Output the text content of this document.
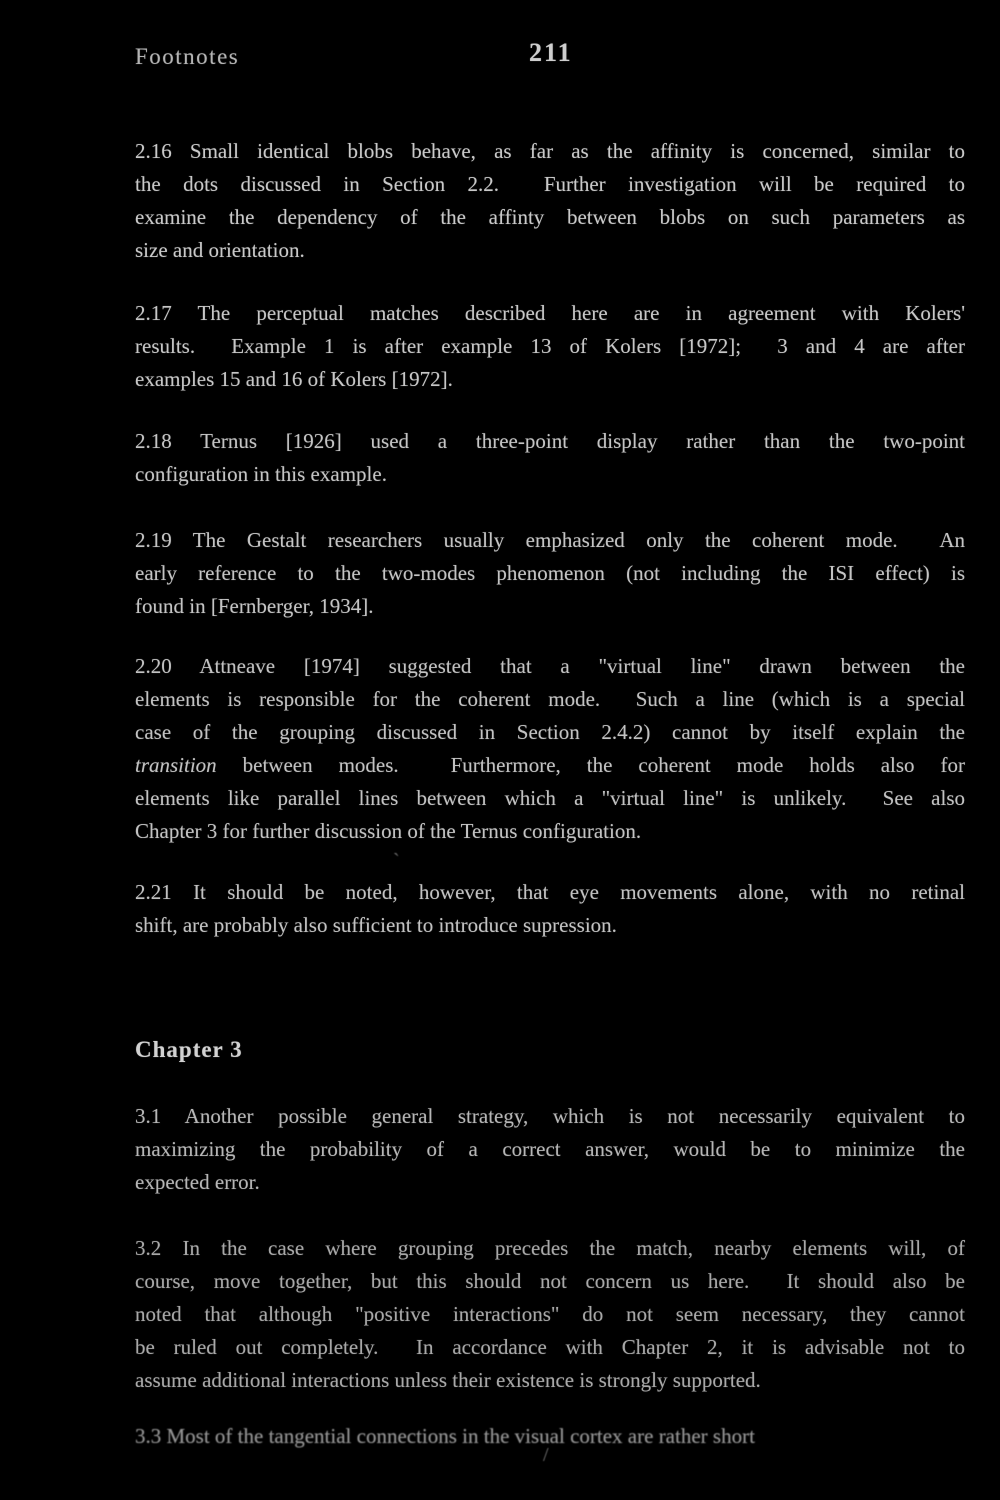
Footnotes	211
2.16 Small identical blobs behave, as far as the affinity is concerned, similar to
the dots discussed in Section 2.2.  Further investigation will be required to
examine the dependency of the affinty between blobs on such parameters as
size and orientation.
2.17 The perceptual matches described here are in agreement with Kolers'
results.  Example 1 is after example 13 of Kolers [1972];  3 and 4 are after
examples 15 and 16 of Kolers [1972].
2.18 Ternus [1926] used a three-point display rather than the two-point
configuration in this example.
2.19 The Gestalt researchers usually emphasized only the coherent mode.  An
early reference to the two-modes phenomenon (not including the ISI effect) is
found in [Fernberger, 1934].
2.20 Attneave [1974] suggested that a "virtual line" drawn between the
elements is responsible for the coherent mode.  Such a line (which is a special
case of the grouping discussed in Section 2.4.2) cannot by itself explain the
transition between modes.  Furthermore, the coherent mode holds also for
elements like parallel lines between which a "virtual line" is unlikely.  See also
Chapter 3 for further discussion of the Ternus configuration.
2.21 It should be noted, however, that eye movements alone, with no retinal
shift, are probably also sufficient to introduce supression.
Chapter 3
3.1 Another possible general strategy, which is not necessarily equivalent to
maximizing the probability of a correct answer, would be to minimize the
expected error.
3.2 In the case where grouping precedes the match, nearby elements will, of
course, move together, but this should not concern us here.  It should also be
noted that although "positive interactions" do not seem necessary, they cannot
be ruled out completely.  In accordance with Chapter 2, it is advisable not to
assume additional interactions unless their existence is strongly supported.
3.3 Most of the tangential connections in the visual cortex are rather short
`
/
